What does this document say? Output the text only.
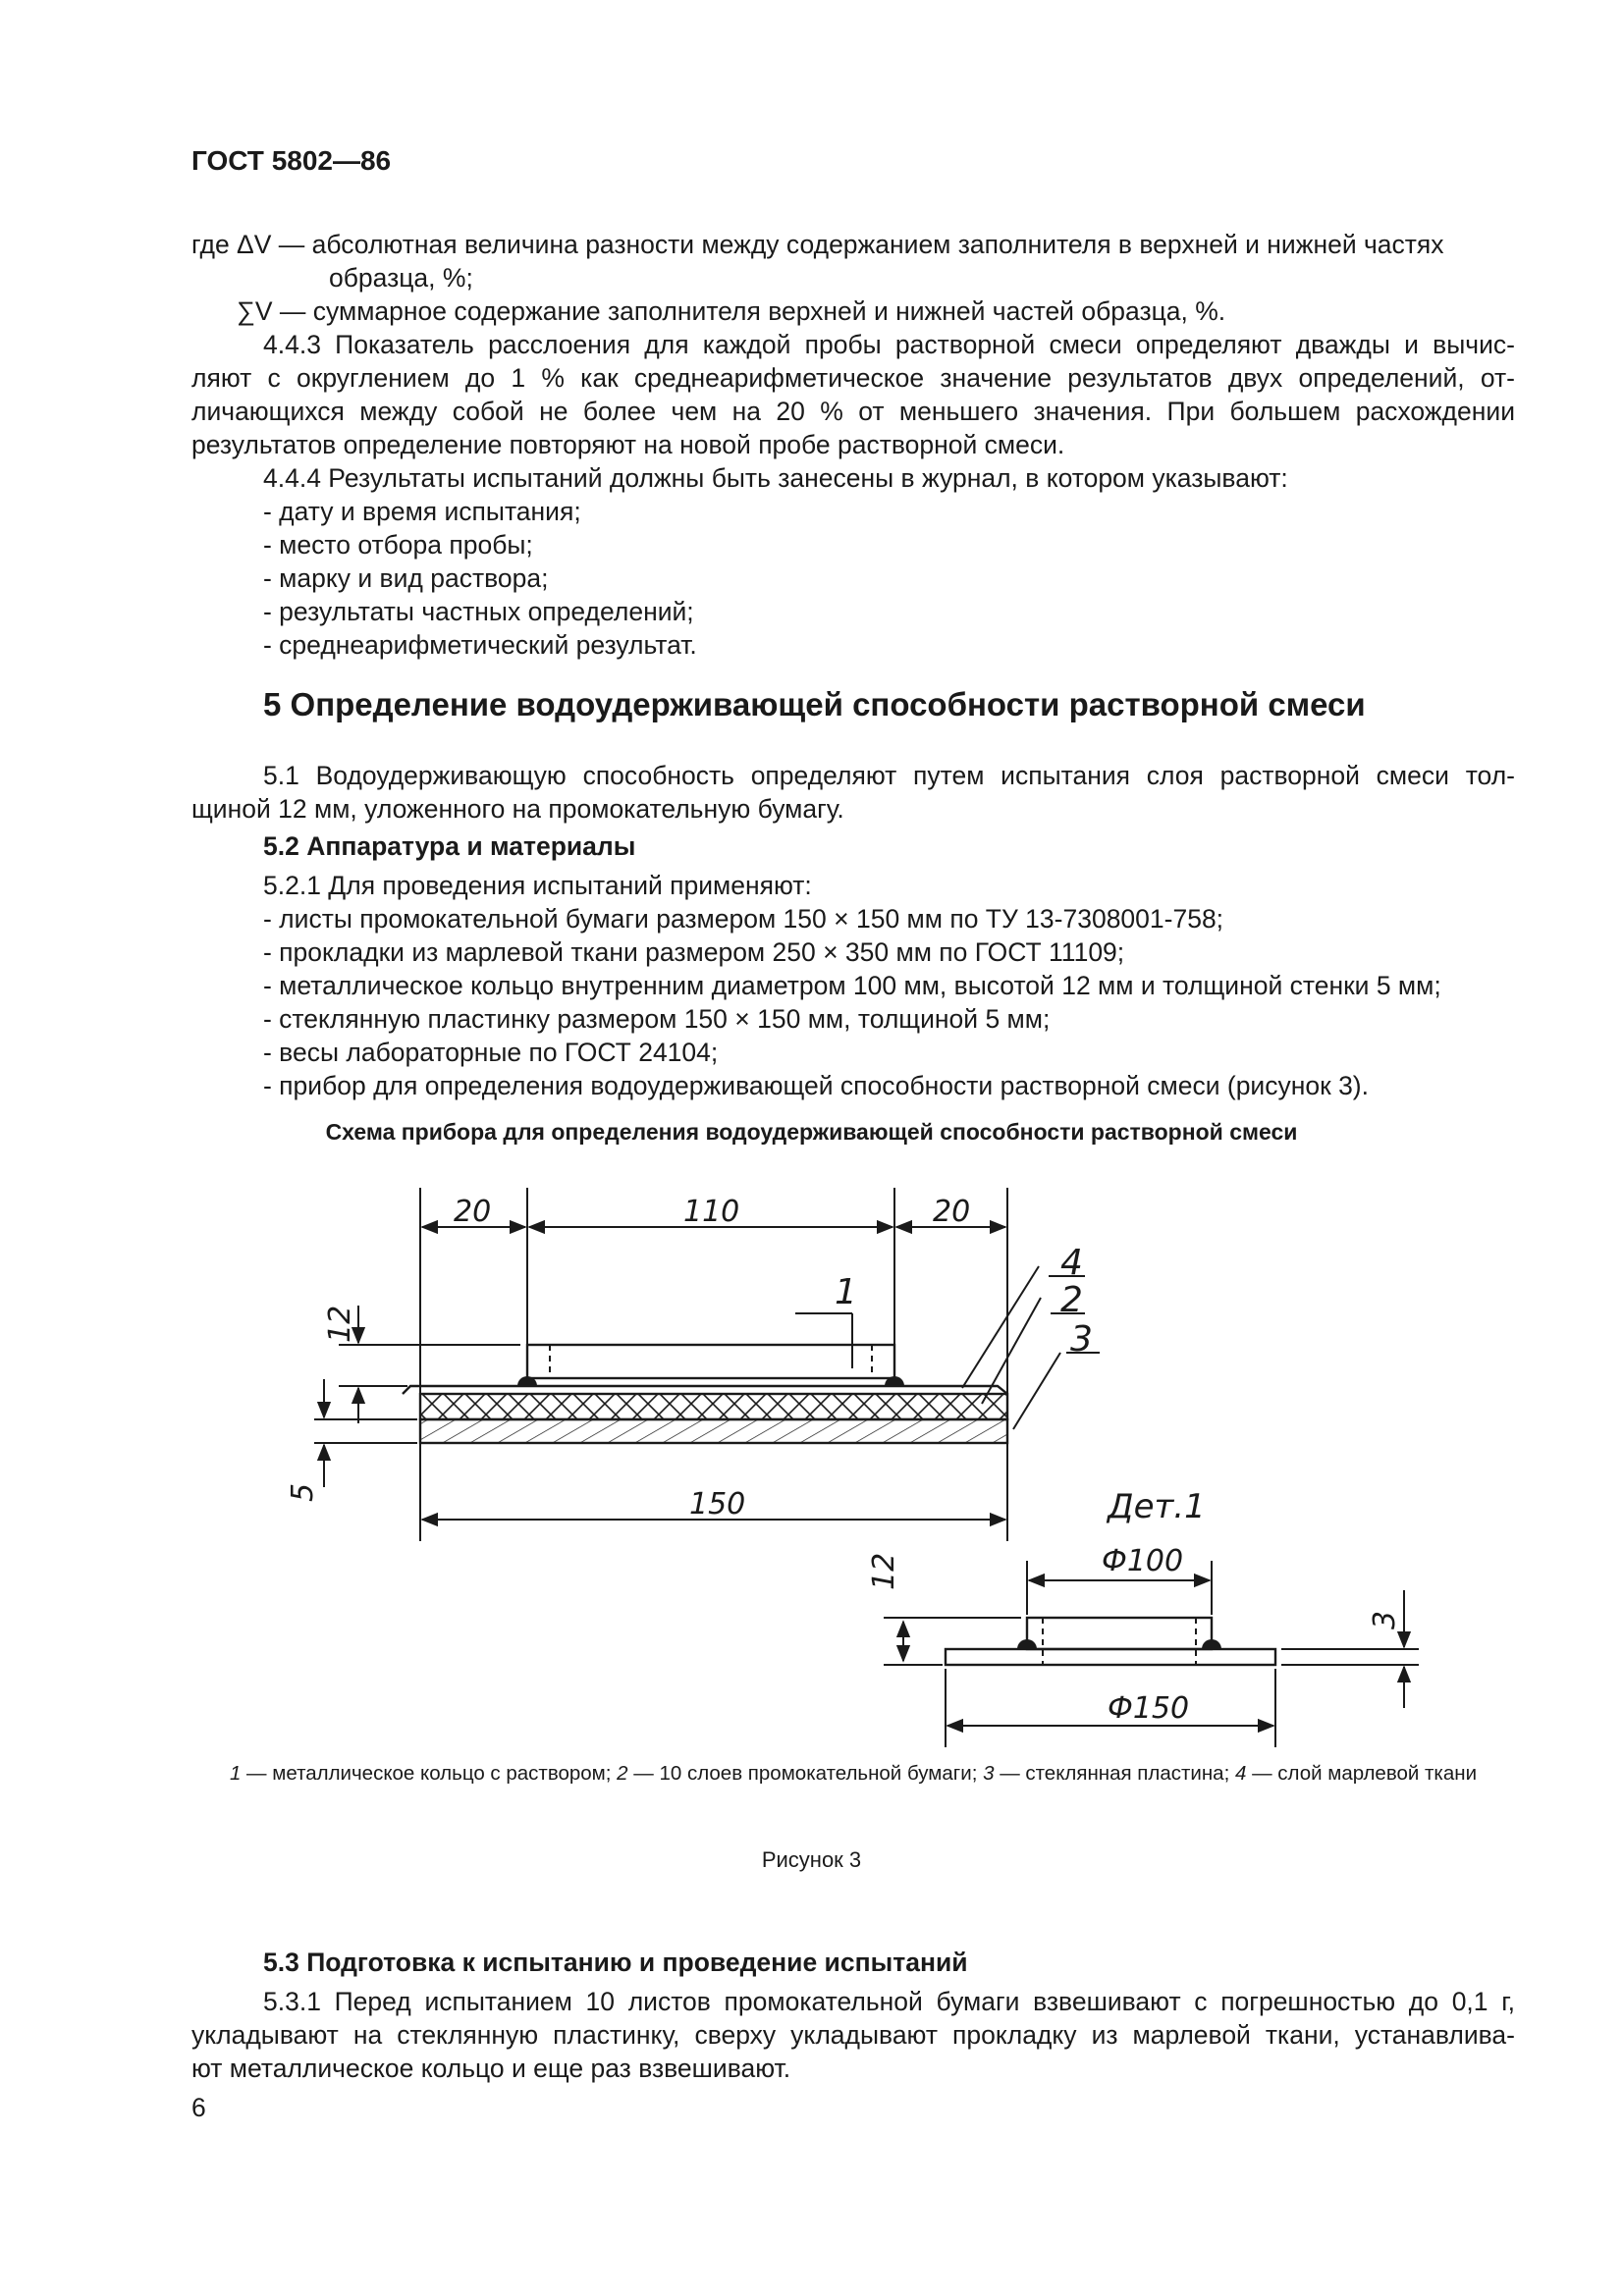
ГОСТ 5802—86
где ΔV — абсолютная величина разности между содержанием заполнителя в верхней и нижней частях
образца, %;
∑V — суммарное содержание заполнителя верхней и нижней частей образца, %.
4.4.3 Показатель расслоения для каждой пробы растворной смеси определяют дважды и вычис-
ляют с округлением до 1 % как среднеарифметическое значение результатов двух определений, от-
личающихся между собой не более чем на 20 % от меньшего значения. При большем расхождении
результатов определение повторяют на новой пробе растворной смеси.
4.4.4 Результаты испытаний должны быть занесены в журнал, в котором указывают:
- дату и время испытания;
- место отбора пробы;
- марку и вид раствора;
- результаты частных определений;
- среднеарифметический результат.
5 Определение водоудерживающей способности растворной смеси
5.1 Водоудерживающую способность определяют путем испытания слоя растворной смеси тол-
щиной 12 мм, уложенного на промокательную бумагу.
5.2 Аппаратура и материалы
5.2.1 Для проведения испытаний применяют:
- листы промокательной бумаги размером 150 × 150 мм по ТУ 13-7308001-758;
- прокладки из марлевой ткани размером 250 × 350 мм по ГОСТ 11109;
- металлическое кольцо внутренним диаметром 100 мм, высотой 12 мм и толщиной стенки 5 мм;
- стеклянную пластинку размером 150 × 150 мм, толщиной 5 мм;
- весы лабораторные по ГОСТ 24104;
- прибор для определения водоудерживающей способности растворной смеси (рисунок 3).
Схема прибора для определения водоудерживающей способности растворной смеси
20	110	20
12
5	150	Дет.1
Ф100
Ф150
12
3
1
4
2
3
1 — металлическое кольцо с раствором; 2 — 10 слоев промокательной бумаги; 3 — стеклянная пластина; 4 — слой марлевой ткани
Рисунок 3
5.3 Подготовка к испытанию и проведение испытаний
5.3.1 Перед испытанием 10 листов промокательной бумаги взвешивают с погрешностью до 0,1 г,
укладывают на стеклянную пластинку, сверху укладывают прокладку из марлевой ткани, устанавлива-
ют металлическое кольцо и еще раз взвешивают.
6
